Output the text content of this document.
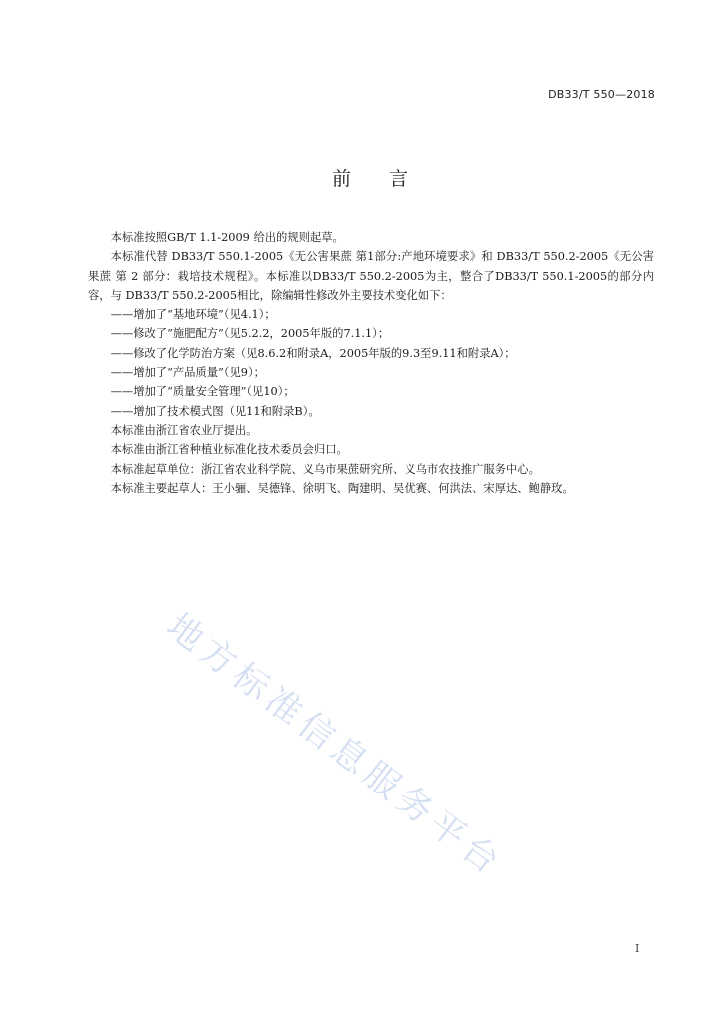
DB33/T 550—2018
前　　言

本标准按照GB/T 1.1-2009 给出的规则起草。

本标准代替 DB33/T 550.1-2005《无公害果蔗 第1部分:产地环境要求》和 DB33/T 550.2-2005《无公害果蔗 第 2 部分：栽培技术规程》。本标准以DB33/T 550.2-2005为主，整合了DB33/T 550.1-2005的部分内容，与 DB33/T 550.2-2005相比，除编辑性修改外主要技术变化如下：

——增加了“基地环境”（见4.1）；

——修改了“施肥配方”（见5.2.2，2005年版的7.1.1）；

——修改了化学防治方案（见8.6.2和附录A，2005年版的9.3至9.11和附录A）；

——增加了“产品质量”（见9）；

——增加了“质量安全管理”（见10）；

——增加了技术模式图（见11和附录B）。

本标准由浙江省农业厅提出。

本标准由浙江省种植业标准化技术委员会归口。

本标准起草单位：浙江省农业科学院、义乌市果蔗研究所、义乌市农技推广服务中心。

本标准主要起草人：王小骊、吴德锋、徐明飞、陶建明、吴优赛、何洪法、宋厚达、鲍静玫。

地方标准信息服务平台
I
